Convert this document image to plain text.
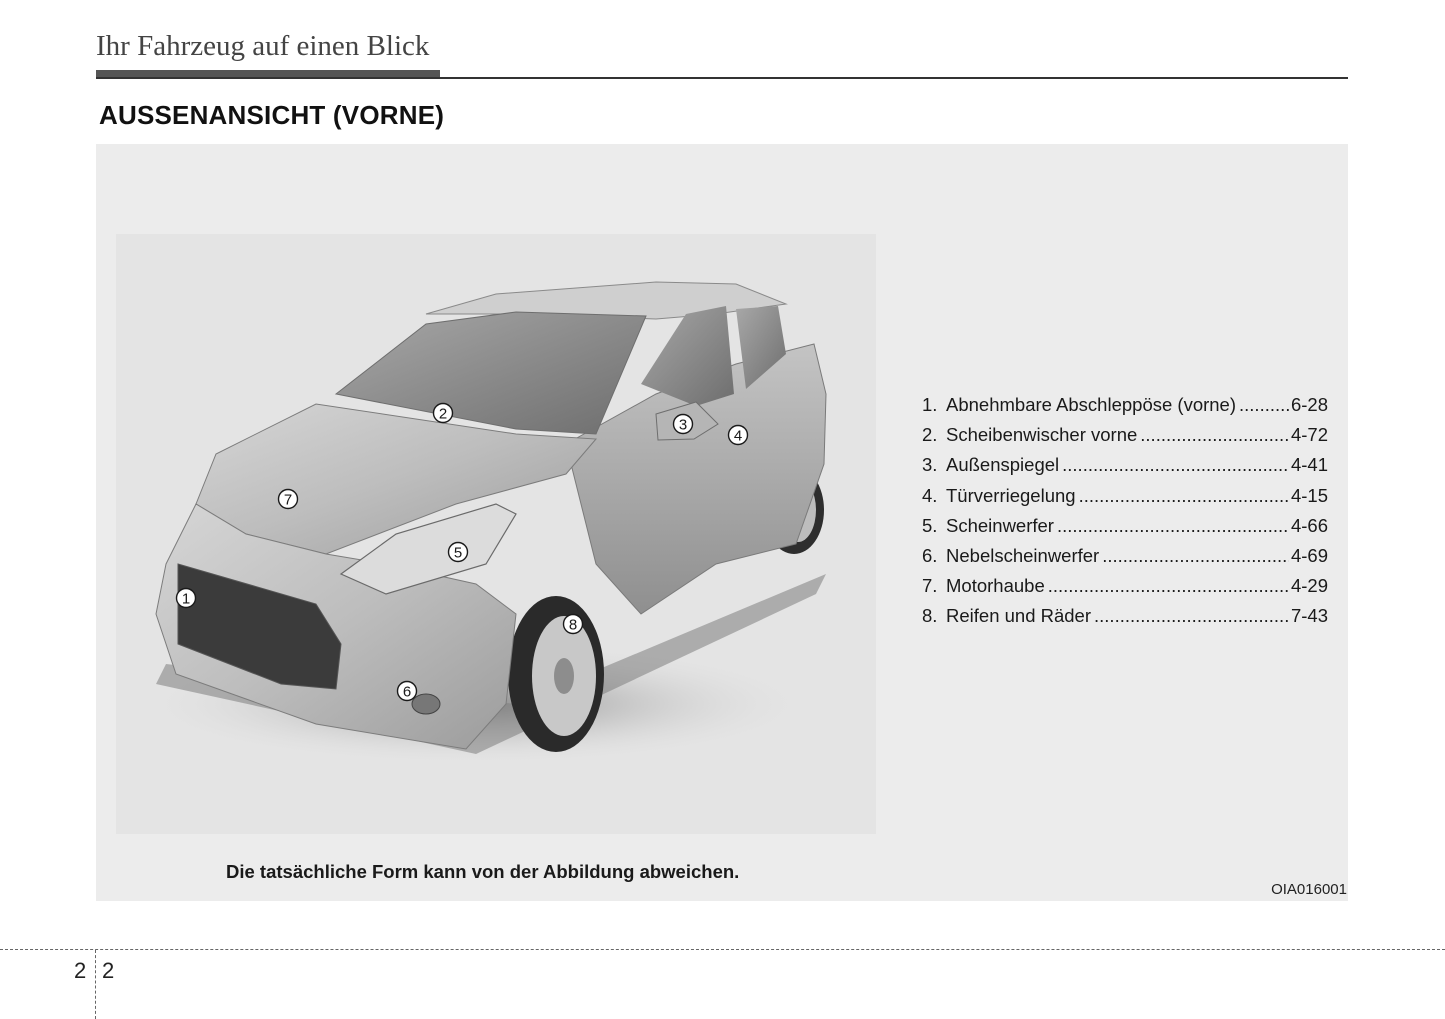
Ihr Fahrzeug auf einen Blick
AUSSENANSICHT (VORNE)
1
2
3
4
5
6
7
8
1. Abnehmbare Abschleppöse (vorne) .....	6-28
2. Scheibenwischer vorne .....	4-72
3. Außenspiegel .....	4-41
4. Türverriegelung .....	4-15
5. Scheinwerfer .....	4-66
6. Nebelscheinwerfer .....	4-69
7. Motorhaube .....	4-29
8. Reifen und Räder .....	7-43
Die tatsächliche Form kann von der Abbildung abweichen.
OIA016001
2 2
